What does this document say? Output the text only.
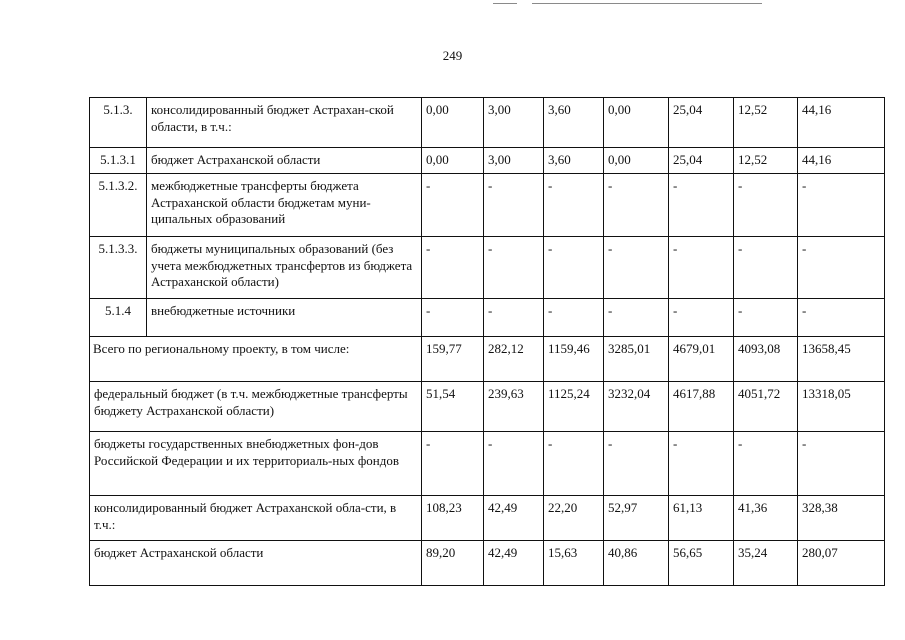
249
5.1.3.	консолидированный бюджет Астрахан-ской области, в т.ч.:	0,00	3,00	3,60	0,00	25,04	12,52	44,16
5.1.3.1	бюджет Астраханской области	0,00	3,00	3,60	0,00	25,04	12,52	44,16
5.1.3.2.	межбюджетные трансферты бюджета Астраханской области бюджетам муни-ципальных образований	-	-	-	-	-	-	-
5.1.3.3.	бюджеты муниципальных образований (без учета межбюджетных трансфертов из бюджета Астраханской области)	-	-	-	-	-	-	-
5.1.4	внебюджетные источники	-	-	-	-	-	-	-
Всего по региональному проекту, в том числе:		159,77	282,12	1159,46	3285,01	4679,01	4093,08	13658,45
федеральный бюджет (в т.ч. межбюджетные трансферты бюджету Астраханской области)		51,54	239,63	1125,24	3232,04	4617,88	4051,72	13318,05
бюджеты государственных внебюджетных фон-дов Российской Федерации и их территориаль-ных фондов		-	-	-	-	-	-	-
консолидированный бюджет Астраханской обла-сти, в т.ч.:		108,23	42,49	22,20	52,97	61,13	41,36	328,38
бюджет Астраханской области		89,20	42,49	15,63	40,86	56,65	35,24	280,07
